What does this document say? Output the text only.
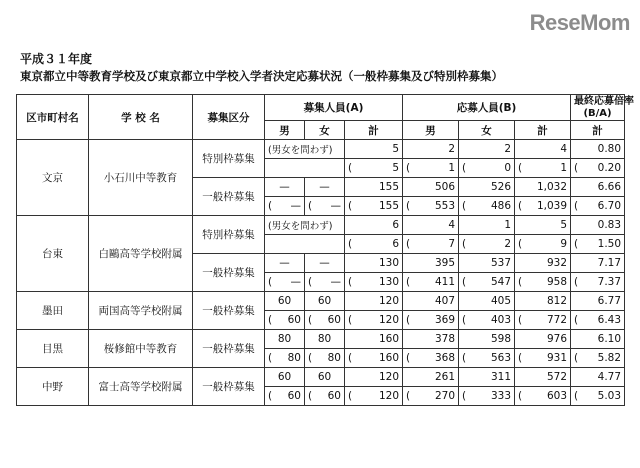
ReseMom
平成３１年度
東京都立中等教育学校及び東京都立中学校入学者決定応募状況（一般枠募集及び特別枠募集）
区市町村名	学 校 名	募集区分	募集人員(A)			応募人員(B)			最終応募倍率
(B/A)

			男	女	計	男	女	計	計
文京	小石川中等教育	特別枠募集	(男女を問わず)		5	2	2	4	0.80

					( 5	( 1	( 0	( 1	( 0.20

		一般枠募集	—	—	155	506	526	1,032	6.66

			( —	( —	( 155	( 553	( 486	( 1,039	( 6.70

台東	白鷗高等学校附属	特別枠募集	(男女を問わず)		6	4	1	5	0.83

					( 6	( 7	( 2	( 9	( 1.50

		一般枠募集	—	—	130	395	537	932	7.17

			( —	( —	( 130	( 411	( 547	( 958	( 7.37

墨田	両国高等学校附属	一般枠募集	60	60	120	407	405	812	6.77

			( 60	( 60	( 120	( 369	( 403	( 772	( 6.43

目黒	桜修館中等教育	一般枠募集	80	80	160	378	598	976	6.10

			( 80	( 80	( 160	( 368	( 563	( 931	( 5.82

中野	富士高等学校附属	一般枠募集	60	60	120	261	311	572	4.77

			( 60	( 60	( 120	( 270	( 333	( 603	( 5.03
